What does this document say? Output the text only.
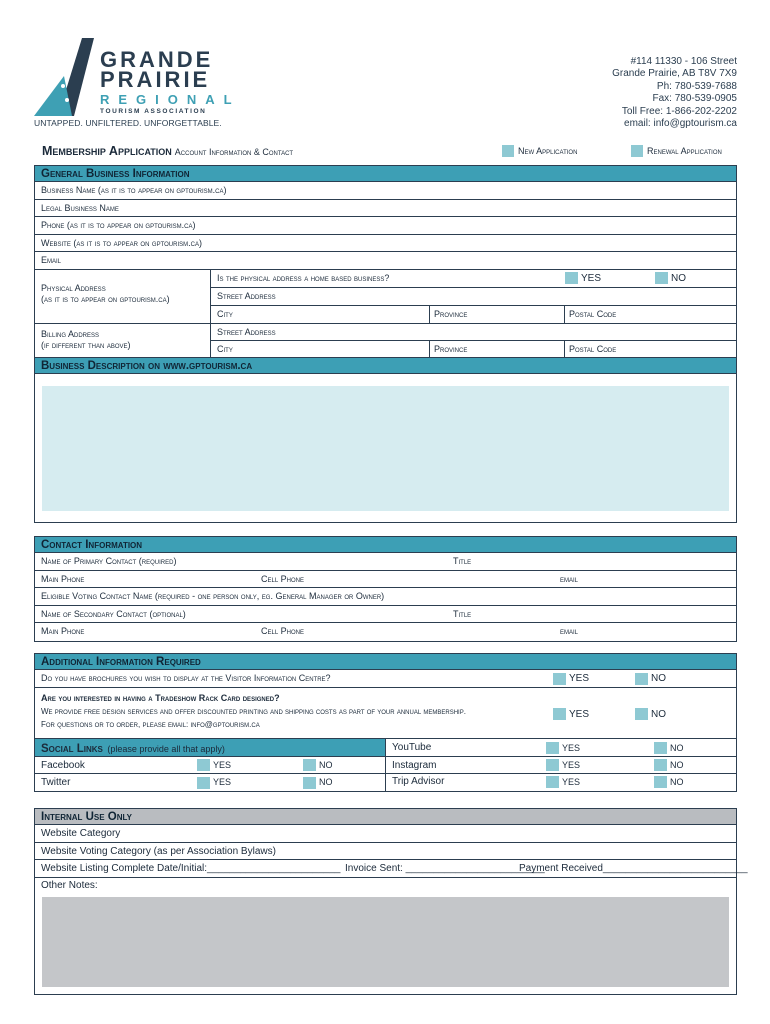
GRANDE
PRAIRIE
REGIONAL
TOURISM ASSOCIATION
UNTAPPED. UNFILTERED. UNFORGETTABLE.
#114 11330 - 106 Street
Grande Prairie, AB T8V 7X9
Ph: 780-539-7688
Fax: 780-539-0905
Toll Free: 1-866-202-2202
email: info@gptourism.ca
Membership Application Account Information & Contact	New Application	Renewal Application
General Business Information
Business Name (as it is to appear on gptourism.ca)
Legal Business Name
Phone (as it is to appear on gptourism.ca)
Website (as it is to appear on gptourism.ca)
Email
Physical Address
(as it is to appear on gptourism.ca)
Is the physical address a home based business?	YES	NO
Street Address
City	Province	Postal Code
Billing Address
(if different than above)
Street Address
City	Province	Postal Code
Business Description on www.gptourism.ca
Contact Information
Name of Primary Contact (required)	Title
Main Phone	Cell Phone	email
Eligible Voting Contact Name (required - one person only, eg. General Manager or Owner)
Name of Secondary Contact (optional)	Title
Main Phone	Cell Phone	email
Additional Information Required
Do you have brochures you wish to display at the Visitor Information Centre?	YES	NO
Are you interested in having a Tradeshow Rack Card designed?
We provide free design services and offer discounted printing and shipping costs as part of your annual membership.
For questions or to order, please email: info@gptourism.ca
YES	NO
Social Links (please provide all that apply)
Facebook	YES	NO
Twitter	YES	NO
YouTube	YES	NO
Instagram	YES	NO
Trip Advisor	YES	NO
Internal Use Only
Website Category
Website Voting Category (as per Association Bylaws)
Website Listing Complete Date/Initial:________________________ Invoice Sent: _________________________
Payment Received__________________________
Other Notes:
